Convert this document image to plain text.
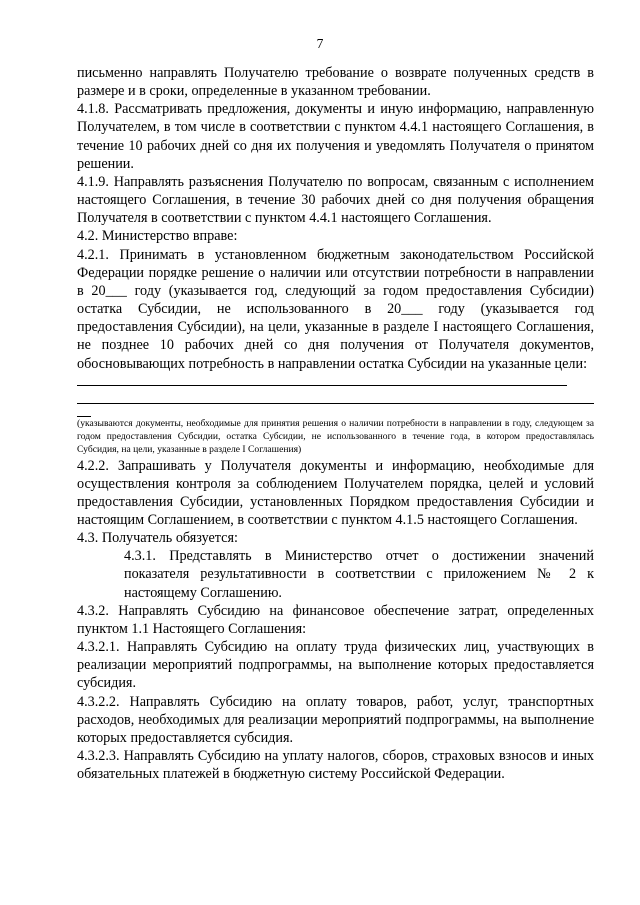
7

письменно направлять Получателю требование о возврате полученных средств в размере и в сроки, определенные в указанном требовании.

4.1.8. Рассматривать предложения, документы и иную информацию, направленную Получателем, в том числе в соответствии с пунктом 4.4.1 настоящего Соглашения, в течение 10 рабочих дней со дня их получения и уведомлять Получателя о принятом решении.

4.1.9. Направлять разъяснения Получателю по вопросам, связанным с исполнением настоящего Соглашения, в течение 30 рабочих дней со дня получения обращения Получателя в соответствии с пунктом 4.4.1 настоящего Соглашения.

4.2. Министерство вправе:

4.2.1. Принимать в установленном бюджетным законодательством Российской Федерации порядке решение о наличии или отсутствии потребности в направлении в 20___ году (указывается год, следующий за годом предоставления Субсидии) остатка Субсидии, не использованного в 20___ году (указывается год предоставления Субсидии), на цели, указанные в разделе I настоящего Соглашения, не позднее 10 рабочих дней со дня получения от Получателя документов, обосновывающих потребность в направлении остатка Субсидии на указанные цели:

(указываются документы, необходимые для принятия решения о наличии потребности в направлении в году, следующем за годом предоставления Субсидии, остатка Субсидии, не использованного в течение года, в котором предоставлялась Субсидия, на цели, указанные в разделе I Соглашения)

4.2.2. Запрашивать у Получателя документы и информацию, необходимые для осуществления контроля за соблюдением Получателем порядка, целей и условий предоставления Субсидии, установленных Порядком предоставления Субсидии и настоящим Соглашением, в соответствии с пунктом 4.1.5 настоящего Соглашения.

4.3. Получатель обязуется:

4.3.1. Представлять в Министерство отчет о достижении значений показателя результативности в соответствии с приложением № 2 к настоящему Соглашению.

4.3.2. Направлять Субсидию на финансовое обеспечение затрат, определенных пунктом 1.1 Настоящего Соглашения:

4.3.2.1. Направлять Субсидию на оплату труда физических лиц, участвующих в реализации мероприятий подпрограммы, на выполнение которых предоставляется субсидия.

4.3.2.2. Направлять Субсидию на оплату товаров, работ, услуг, транспортных расходов, необходимых для реализации мероприятий подпрограммы, на выполнение которых предоставляется субсидия.

4.3.2.3. Направлять Субсидию на уплату налогов, сборов, страховых взносов и иных обязательных платежей в бюджетную систему Российской Федерации.
